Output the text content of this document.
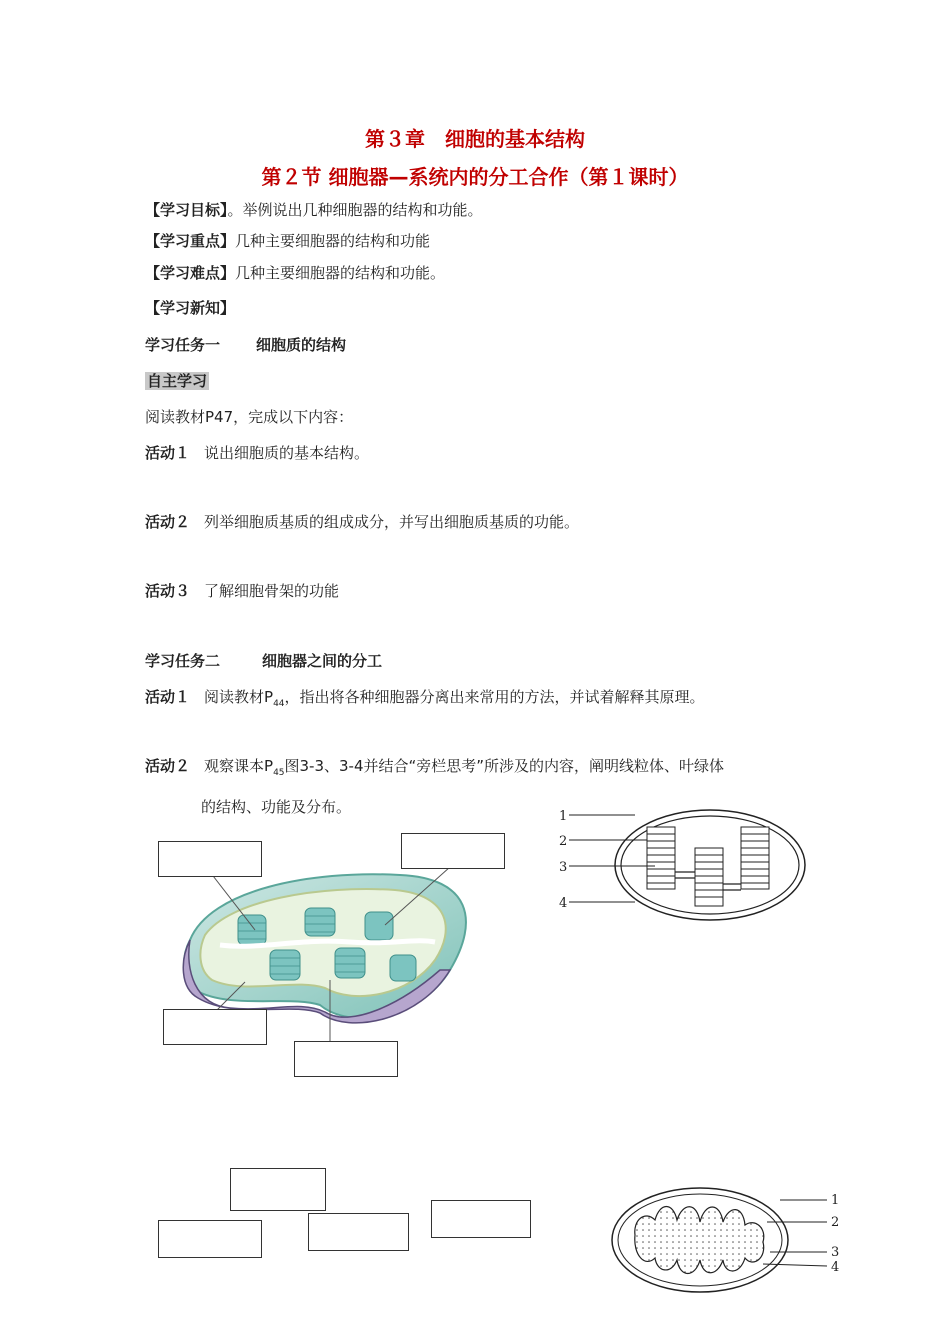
第３章　细胞的基本结构
第２节 细胞器—系统内的分工合作（第１课时）
【学习目标】。举例说出几种细胞器的结构和功能。
【学习重点】几种主要细胞器的结构和功能
【学习难点】几种主要细胞器的结构和功能。
【学习新知】
学习任务一 细胞质的结构
自主学习
阅读教材P47，完成以下内容：
活动１ 说出细胞质的基本结构。
活动２ 列举细胞质基质的组成成分，并写出细胞质基质的功能。
活动３ 了解细胞骨架的功能
学习任务二	细胞器之间的分工
活动１ 阅读教材$P_{44}$，指出将各种细胞器分离出来常用的方法，并试着解释其原理。
活动２ 观察课本$P_{45}$图3-3、3-4并结合“旁栏思考”所涉及的内容，阐明线粒体、叶绿体
的结构、功能及分布。
1
2
3
4
1
2
3
4
